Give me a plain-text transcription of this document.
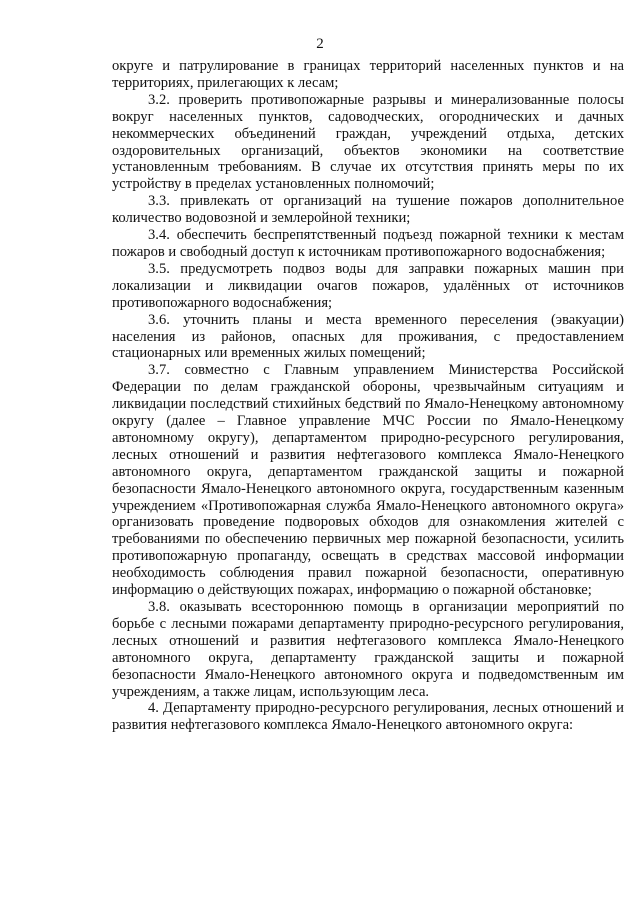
2

округе и патрулирование в границах территорий населенных пунктов и на территориях, прилегающих к лесам;

3.2. проверить противопожарные разрывы и минерализованные полосы вокруг населенных пунктов, садоводческих, огороднических и дачных некоммерческих объединений граждан, учреждений отдыха, детских оздоровительных организаций, объектов экономики на соответствие установленным требованиям. В случае их отсутствия принять меры по их устройству в пределах установленных полномочий;

3.3. привлекать от организаций на тушение пожаров дополнительное количество водовозной и землеройной техники;

3.4. обеспечить беспрепятственный подъезд пожарной техники к местам пожаров и свободный доступ к источникам противопожарного водоснабжения;

3.5. предусмотреть подвоз воды для заправки пожарных машин при локализации и ликвидации очагов пожаров, удалённых от источников противопожарного водоснабжения;

3.6. уточнить планы и места временного переселения (эвакуации) населения из районов, опасных для проживания, с предоставлением стационарных или временных жилых помещений;

3.7. совместно с Главным управлением Министерства Российской Федерации по делам гражданской обороны, чрезвычайным ситуациям и ликвидации последствий стихийных бедствий по Ямало-Ненецкому автономному округу (далее – Главное управление МЧС России по Ямало-Ненецкому автономному округу), департаментом природно-ресурсного регулирования, лесных отношений и развития нефтегазового комплекса Ямало-Ненецкого автономного округа, департаментом гражданской защиты и пожарной безопасности Ямало-Ненецкого автономного округа, государственным казенным учреждением «Противопожарная служба Ямало-Ненецкого автономного округа» организовать проведение подворовых обходов для ознакомления жителей с требованиями по обеспечению первичных мер пожарной безопасности, усилить противопожарную пропаганду, освещать в средствах массовой информации необходимость соблюдения правил пожарной безопасности, оперативную информацию о действующих пожарах, информацию о пожарной обстановке;

3.8. оказывать всестороннюю помощь в организации мероприятий по борьбе с лесными пожарами департаменту природно-ресурсного регулирования, лесных отношений и развития нефтегазового комплекса Ямало-Ненецкого автономного округа, департаменту гражданской защиты и пожарной безопасности Ямало-Ненецкого автономного округа и подведомственным им учреждениям, а также лицам, использующим леса.

4. Департаменту природно-ресурсного регулирования, лесных отношений и развития нефтегазового комплекса Ямало-Ненецкого автономного округа:
